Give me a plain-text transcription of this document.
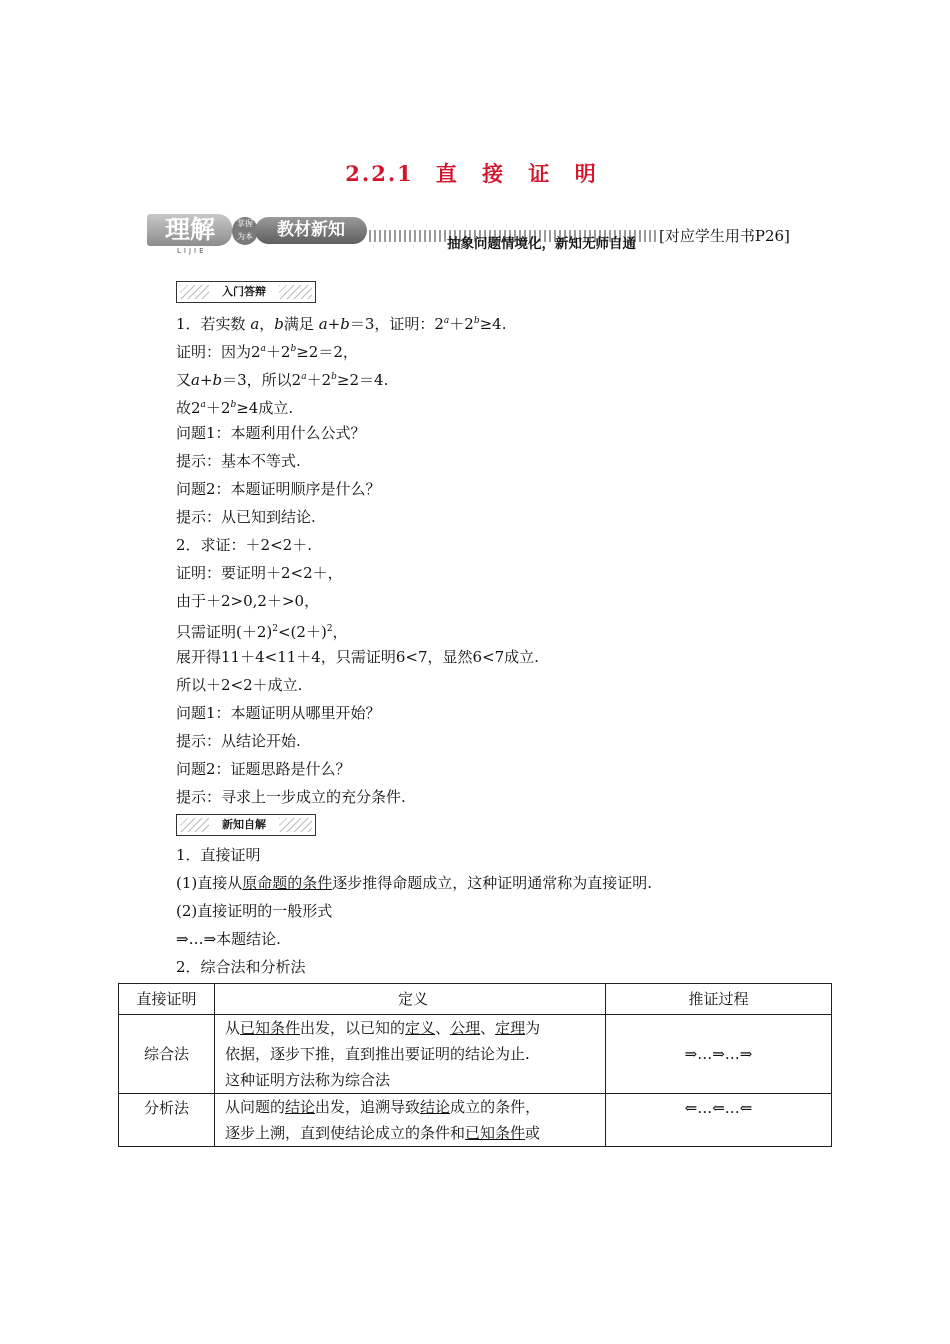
2.2.1 直 接 证 明
理解	掌握 为本	教材新知
LIJIE	抽象问题情境化，新知无师自通 [对应学生用书P26]
入门答辩
1．若实数 a，b满足 a+b＝3，证明：$2^a+2^b\ge 4$.
证明：因为$2^a+2^b\ge 2=2$，
又a+b＝3，所以$2^a+2^b\ge 2=4$.
故$2^a+2^b\ge 4$成立.
问题1：本题利用什么公式？
提示：基本不等式.
问题2：本题证明顺序是什么？
提示：从已知到结论.
2．求证：＋2<2＋.
证明：要证明＋2<2＋，
由于＋2>0,2＋>0，
只需证明$(+2)^2<(2+)^2$，
展开得11＋4<11＋4，只需证明6<7，显然6<7成立.
所以＋2<2＋成立.
问题1：本题证明从哪里开始？
提示：从结论开始.
问题2：证题思路是什么？
提示：寻求上一步成立的充分条件.
新知自解
1．直接证明
(1)直接从原命题的条件逐步推得命题成立，这种证明通常称为直接证明.
(2)直接证明的一般形式
⇒…⇒本题结论.
2．综合法和分析法
直接证明	定义	推证过程
综合法	从已知条件出发，以已知的定义、公理、定理为
依据，逐步下推，直到推出要证明的结论为止.
这种证明方法称为综合法	⇒…⇒…⇒
分析法	从问题的结论出发，追溯导致结论成立的条件，
逐步上溯，直到使结论成立的条件和已知条件或	⇐…⇐…⇐
